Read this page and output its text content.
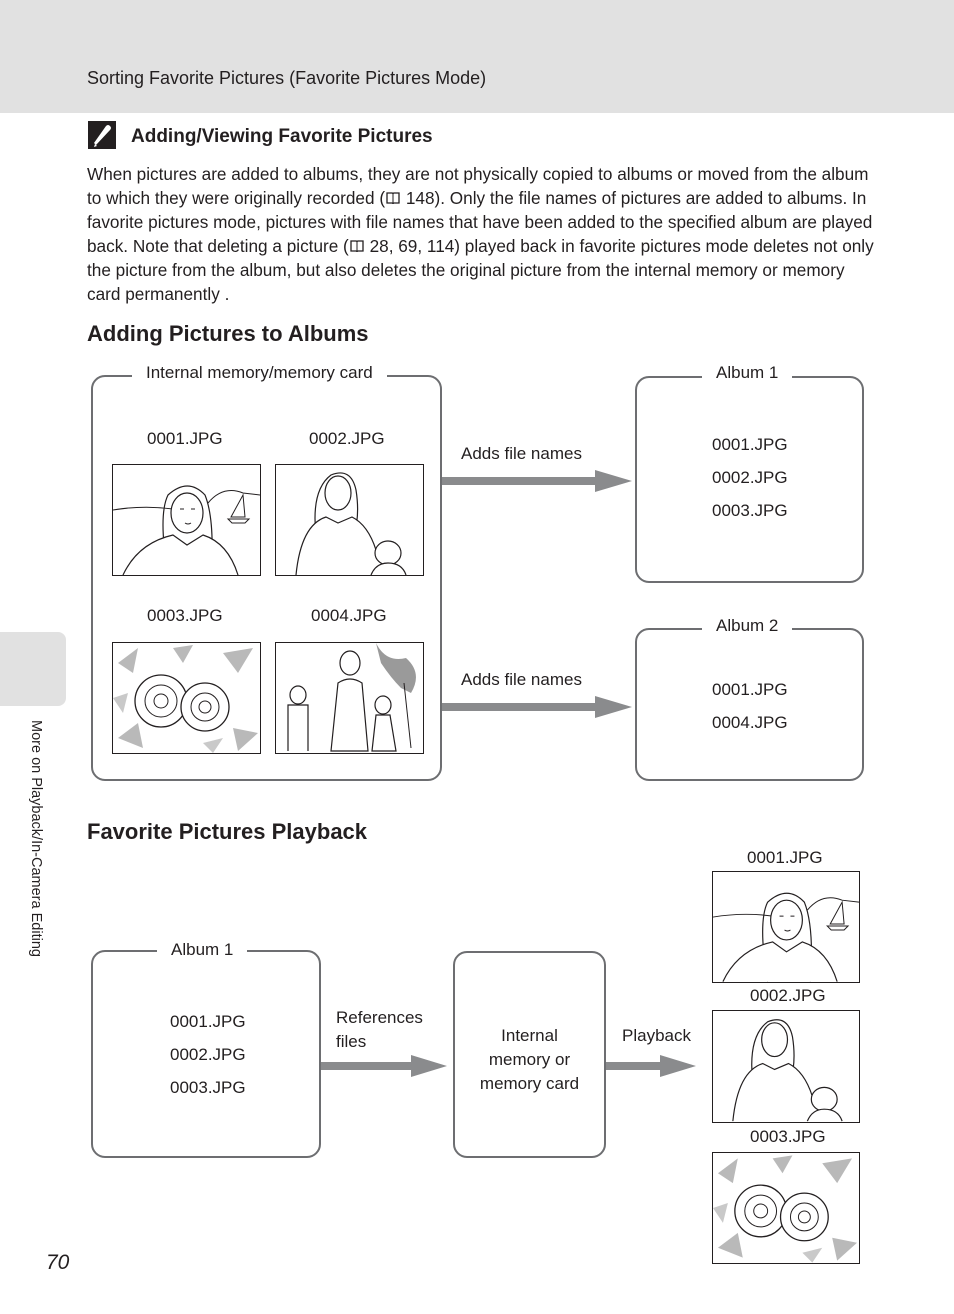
Sorting Favorite Pictures (Favorite Pictures Mode)
More on Playback/In-Camera Editing
70
Adding/Viewing Favorite Pictures
When pictures are added to albums, they are not physically copied to albums or moved from the album to which they were originally recorded ( 148). Only the file names of pictures are added to albums. In favorite pictures mode, pictures with file names that have been added to the specified album are played back. Note that deleting a picture ( 28, 69, 114) played back in favorite pictures mode deletes not only the picture from the album, but also deletes the original picture from the internal memory or memory card permanently .
Adding Pictures to Albums
Internal memory/memory card
0001.JPG	0002.JPG
0003.JPG	0004.JPG
Adds file names
Adds file names
Album 1
0001.JPG
0002.JPG
0003.JPG
Album 2
0001.JPG
0004.JPG
Favorite Pictures Playback
Album 1
0001.JPG
0002.JPG
0003.JPG
References
files	Internal
memory or
memory card
Playback
0001.JPG
0002.JPG
0003.JPG
